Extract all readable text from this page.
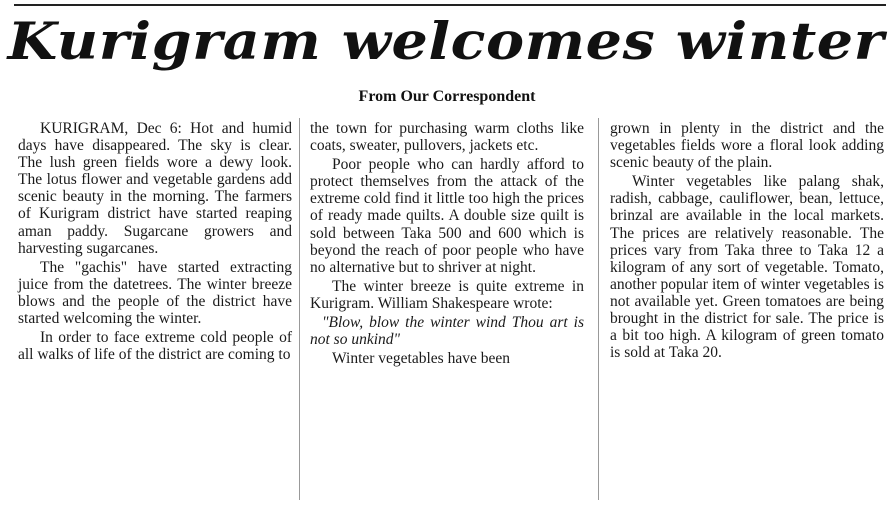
Kurigram welcomes winter
From Our Correspondent

KURIGRAM, Dec 6: Hot and humid days have disappeared. The sky is clear. The lush green fields wore a dewy look. The lotus flower and vegetable gardens add scenic beauty in the morning. The farmers of Kurigram district have started reaping aman paddy. Sugarcane growers and harvesting sugarcanes.

The "gachis" have started extracting juice from the datetrees. The winter breeze blows and the people of the district have started welcoming the winter.

In order to face extreme cold people of all walks of life of the district are coming to

the town for purchasing warm cloths like coats, sweater, pullovers, jackets etc.

Poor people who can hardly afford to protect themselves from the attack of the extreme cold find it little too high the prices of ready made quilts. A double size quilt is sold between Taka 500 and 600 which is beyond the reach of poor people who have no alternative but to shriver at night.

The winter breeze is quite extreme in Kurigram. William Shakespeare wrote:

"Blow, blow the winter wind Thou art is not so unkind"

Winter vegetables have been

grown in plenty in the district and the vegetables fields wore a floral look adding scenic beauty of the plain.

Winter vegetables like palang shak, radish, cabbage, cauliflower, bean, lettuce, brinzal are available in the local markets. The prices are relatively reasonable. The prices vary from Taka three to Taka 12 a kilogram of any sort of vegetable. Tomato, another popular item of winter vegetables is not available yet. Green tomatoes are being brought in the district for sale. The price is a bit too high. A kilogram of green tomato is sold at Taka 20.
